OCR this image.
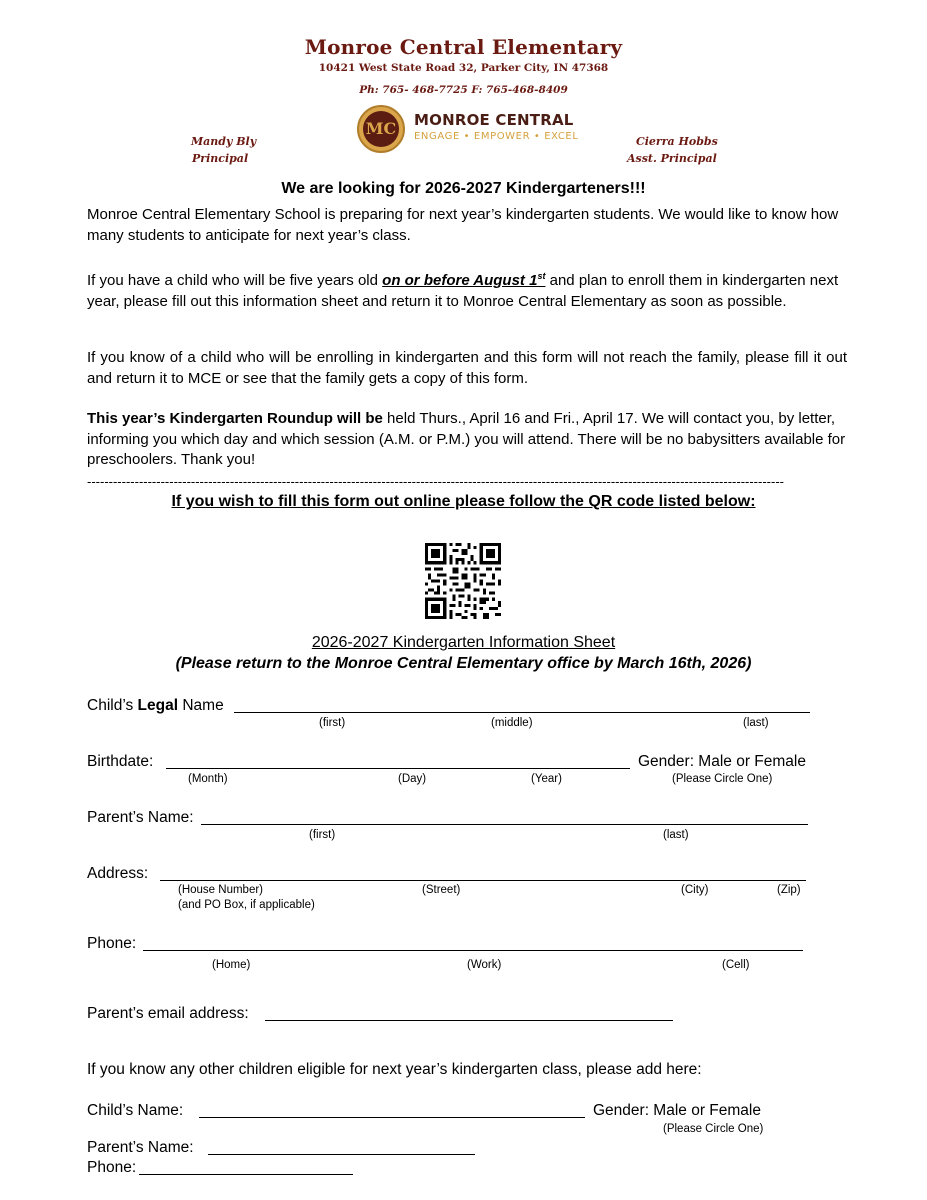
Monroe Central Elementary
10421 West State Road 32, Parker City, IN 47368
Ph: 765- 468-7725 F: 765-468-8409
Mandy Bly
Principal
Cierra Hobbs
Asst. Principal
MC MONROE CENTRAL
ENGAGE • EMPOWER • EXCEL
We are looking for 2026-2027 Kindergarteners!!!
Monroe Central Elementary School is preparing for next year’s kindergarten students. We would like to know how many students to anticipate for next year’s class.
If you have a child who will be five years old on or before August 1st and plan to enroll them in kindergarten next year, please fill out this information sheet and return it to Monroe Central Elementary as soon as possible.
If you know of a child who will be enrolling in kindergarten and this form will not reach the family, please fill it out and return it to MCE or see that the family gets a copy of this form.
This year’s Kindergarten Roundup will be held Thurs., April 16 and Fri., April 17. We will contact you, by letter, informing you which day and which session (A.M. or P.M.) you will attend. There will be no babysitters available for preschoolers. Thank you!
-----------------------------------------------------------------------------------------------------------------------------------------------------------------
If you wish to fill this form out online please follow the QR code listed below:
2026-2027 Kindergarten Information Sheet
(Please return to the Monroe Central Elementary office by March 16th, 2026)
Child’s Legal Name
(first)	(middle)	(last)
Birthdate:	Gender: Male or Female
(Month)	(Day)	(Year)	(Please Circle One)
Parent’s Name:
(first)	(last)
Address:
(House Number)	(Street)	(City)	(Zip)
(and PO Box, if applicable)
Phone:
(Home)	(Work)	(Cell)
Parent’s email address:
If you know any other children eligible for next year’s kindergarten class, please add here:
Child’s Name:	Gender: Male or Female
(Please Circle One)
Parent’s Name:
Phone:
